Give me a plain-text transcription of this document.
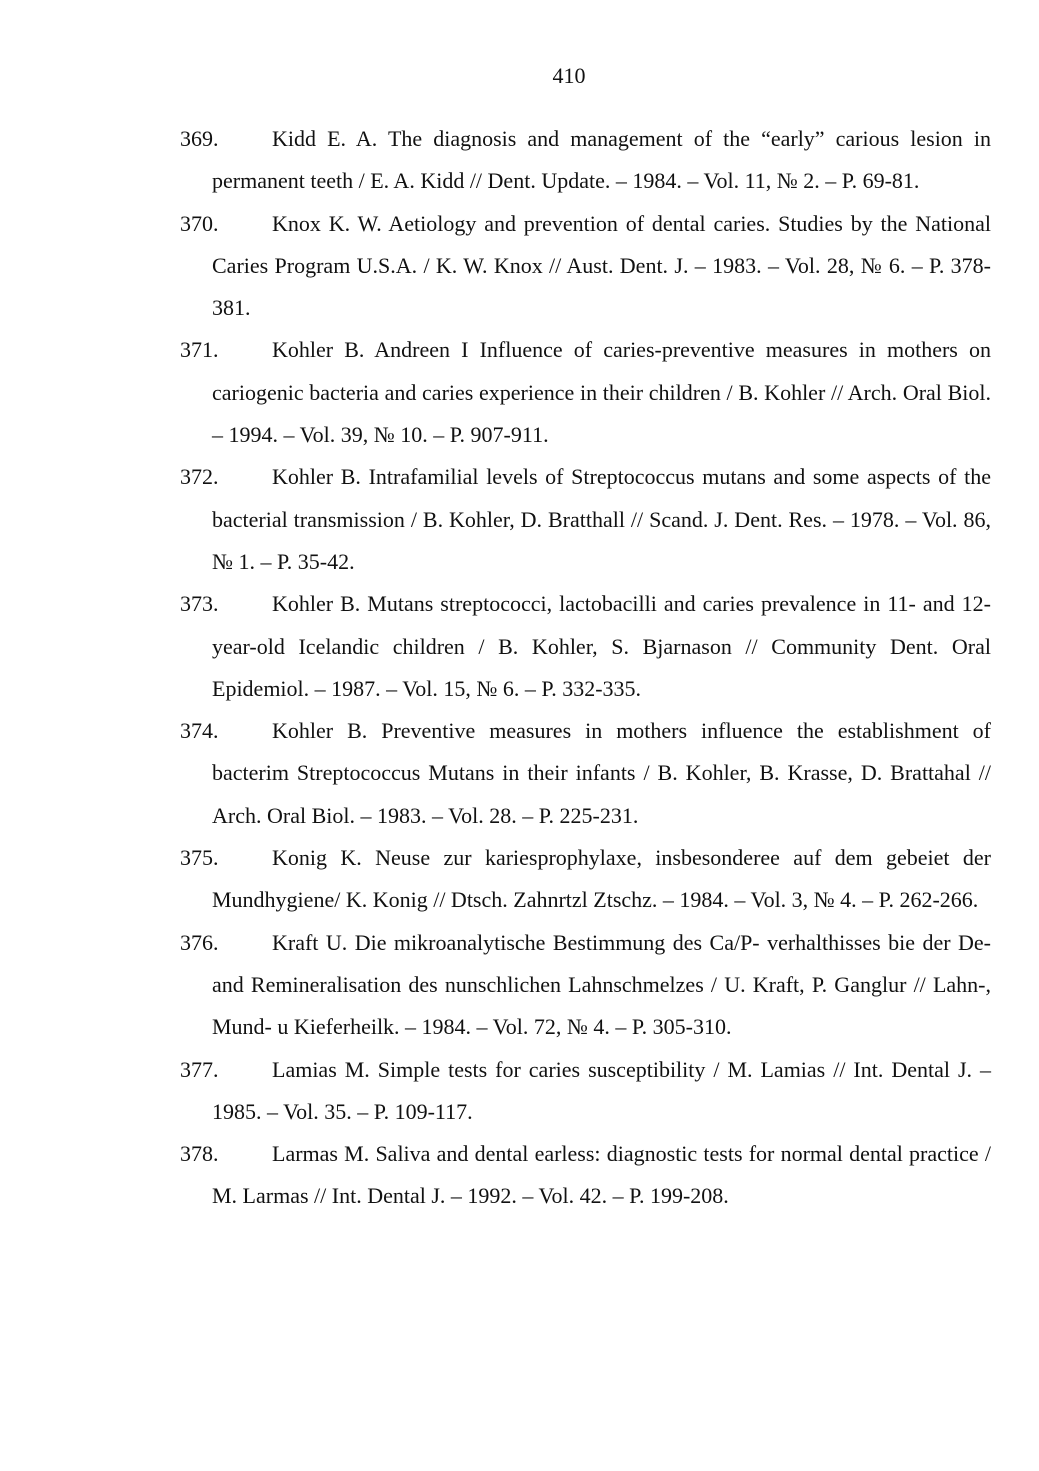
410

369. Kidd E. A. The diagnosis and management of the “early” carious lesion in permanent teeth / E. A. Kidd // Dent. Update. – 1984. – Vol. 11, № 2. – P. 69-81.

370. Knox K. W. Aetiology and prevention of dental caries. Studies by the National Caries Program U.S.A. / K. W. Knox // Aust. Dent. J. – 1983. – Vol. 28, № 6. – P. 378-381.

371. Kohler B. Andreen I Influence of caries-preventive measures in mothers on cariogenic bacteria and caries experience in their children / B. Kohler // Arch. Oral Biol. – 1994. – Vol. 39, № 10. – P. 907-911.

372. Kohler B. Intrafamilial levels of Streptococcus mutans and some aspects of the bacterial transmission / B. Kohler, D. Bratthall // Scand. J. Dent. Res. – 1978. – Vol. 86, № 1. – P. 35-42.

373. Kohler B. Mutans streptococci, lactobacilli and caries prevalence in 11- and 12-year-old Icelandic children / B. Kohler, S. Bjarnason // Community Dent. Oral Epidemiol. – 1987. – Vol. 15, № 6. – P. 332-335.

374. Kohler B. Preventive measures in mothers influence the establishment of bacterim Streptococcus Mutans in their infants / B. Kohler, B. Krasse, D. Brattahal // Arch. Oral Biol. – 1983. – Vol. 28. – P. 225-231.

375. Konig K. Neuse zur kariesprophylaxe, insbesonderee auf dem gebeiet der Mundhygiene/ K. Konig // Dtsch. Zahnrtzl Ztschz. – 1984. – Vol. 3, № 4. – P. 262-266.

376. Kraft U. Die mikroanalytische Bestimmung des Ca/P- verhalthisses bie der De-and Remineralisation des nunschlichen Lahnschmelzes / U. Kraft, P. Ganglur // Lahn-, Mund- u Kieferheilk. – 1984. – Vol. 72, № 4. – P. 305-310.

377. Lamias M. Simple tests for caries susceptibility / M. Lamias // Int. Dental J. – 1985. – Vol. 35. – P. 109-117.

378. Larmas M. Saliva and dental earless: diagnostic tests for normal dental practice / M. Larmas // Int. Dental J. – 1992. – Vol. 42. – P. 199-208.
